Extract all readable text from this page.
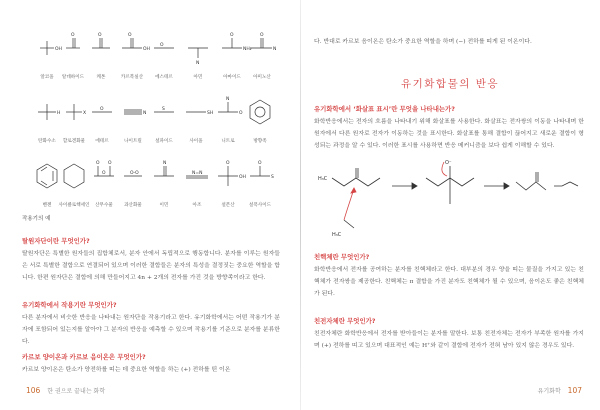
OH
O	O	O
OH
O
N
O
NH₂
O
N
알코올 알데하이드	케톤	카르복실산	에스테르	아민	아마이드	아미노산
H	X
O
N
S
SH
N
O
탄화수소 할로겐화물 에테르	나이트릴	설파이드	사이올	니트로	방향족
O O
O	O‑O
N
N=N
O
OH
O
S
벤젠 사이클로헥세인 산무수물 과산화물	이민	아조	설폰산	설폭사이드
작용기의 예
탈원자단이란 무엇인가?
탈원자단은 특별한 원자들의 집합체로서, 분자 안에서 독립적으로 행동합니다. 분자를 이루는 원자들은 서로 특별한 결합으로 연결되어 있으며 이러한 결합들은 분자의 특성을 결정짓는 중요한 역할을 합니다. 한편 원자단은 결합에 의해 만들어지고 4n + 2개의 전자를 가진 것을 방향족이라고 한다.
유기화학에서 작용기란 무엇인가?
다른 분자에서 비슷한 반응을 나타내는 원자단을 작용기라고 한다. 유기화학에서는 어떤 작용기가 분자에 포함되어 있는지를 알아야 그 분자의 반응을 예측할 수 있으며 작용기를 기준으로 분자를 분류한다.
카르보 양이온과 카르보 음이온은 무엇인가?
카르보 양이온은 탄소가 양전하를 띠는 데 중요한 역할을 하는 (+) 전하를 띤 이온
106 한 권으로 끝내는 화학
다. 반대로 카르보 음이온은 탄소가 중요한 역할을 하며 (−) 전하를 띠게 된 이온이다.
유기화합물의 반응
유기화학에서 ‘화살표 표시’란 무엇을 나타내는가?
화학반응에서는 전자의 흐름을 나타내기 위해 화살표를 사용한다. 화살표는 전자쌍의 이동을 나타내며 한 원자에서 다른 원자로 전자가 이동하는 것을 표시한다. 화살표를 통해 결합이 끊어지고 새로운 결합이 형성되는 과정을 알 수 있다. 이러한 표시를 사용하면 반응 메커니즘을 보다 쉽게 이해할 수 있다.
H₃C
O⁻
H₃C
친핵체란 무엇인가?
화학반응에서 전자를 공여하는 분자를 친핵체라고 한다. 대부분의 경우 양을 띠는 물질을 가지고 있는 친핵체가 전자쌍을 제공한다. 친핵체는 π 결합을 가진 분자도 친핵체가 될 수 있으며, 음이온도 좋은 친핵체가 된다.
친전자체란 무엇인가?
친전자체란 화학반응에서 전자를 받아들이는 분자를 말한다. 보통 친전자체는 전자가 부족한 원자를 가지며 (+) 전하를 띠고 있으며 대표적인 예는 H⁺와 같이 결합에 전자가 전혀 남아 있지 않은 경우도 있다.
유기화학 107
